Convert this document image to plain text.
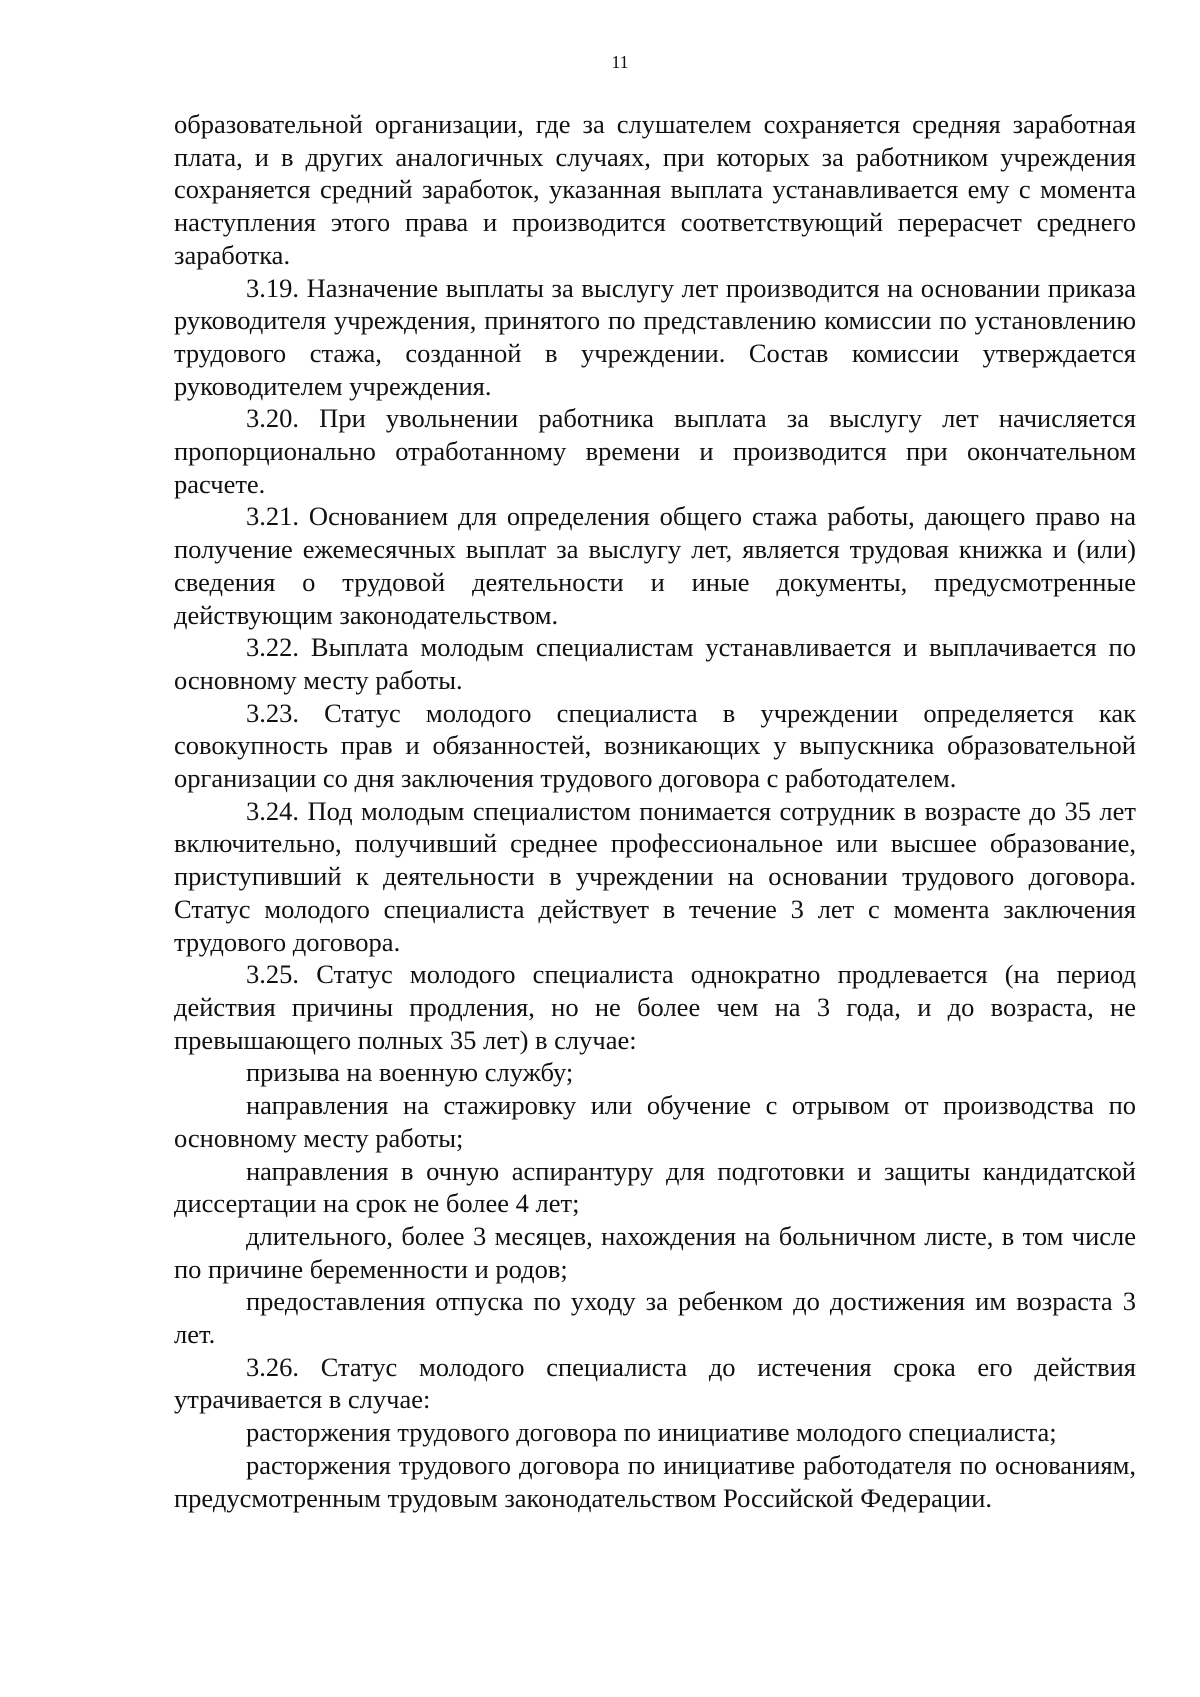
11

образовательной организации, где за слушателем сохраняется средняя заработная плата, и в других аналогичных случаях, при которых за работником учреждения сохраняется средний заработок, указанная выплата устанавливается ему с момента наступления этого права и производится соответствующий перерасчет среднего заработка.

3.19. Назначение выплаты за выслугу лет производится на основании приказа руководителя учреждения, принятого по представлению комиссии по установлению трудового стажа, созданной в учреждении. Состав комиссии утверждается руководителем учреждения.

3.20. При увольнении работника выплата за выслугу лет начисляется пропорционально отработанному времени и производится при окончательном расчете.

3.21. Основанием для определения общего стажа работы, дающего право на получение ежемесячных выплат за выслугу лет, является трудовая книжка и (или) сведения о трудовой деятельности и иные документы, предусмотренные действующим законодательством.

3.22. Выплата молодым специалистам устанавливается и выплачивается по основному месту работы.

3.23. Статус молодого специалиста в учреждении определяется как совокупность прав и обязанностей, возникающих у выпускника образовательной организации со дня заключения трудового договора с работодателем.

3.24. Под молодым специалистом понимается сотрудник в возрасте до 35 лет включительно, получивший среднее профессиональное или высшее образование, приступивший к деятельности в учреждении на основании трудового договора. Статус молодого специалиста действует в течение 3 лет с момента заключения трудового договора.

3.25. Статус молодого специалиста однократно продлевается (на период действия причины продления, но не более чем на 3 года, и до возраста, не превышающего полных 35 лет) в случае:

призыва на военную службу;

направления на стажировку или обучение с отрывом от производства по основному месту работы;

направления в очную аспирантуру для подготовки и защиты кандидатской диссертации на срок не более 4 лет;

длительного, более 3 месяцев, нахождения на больничном листе, в том числе по причине беременности и родов;

предоставления отпуска по уходу за ребенком до достижения им возраста 3 лет.

3.26. Статус молодого специалиста до истечения срока его действия утрачивается в случае:

расторжения трудового договора по инициативе молодого специалиста;

расторжения трудового договора по инициативе работодателя по основаниям, предусмотренным трудовым законодательством Российской Федерации.
